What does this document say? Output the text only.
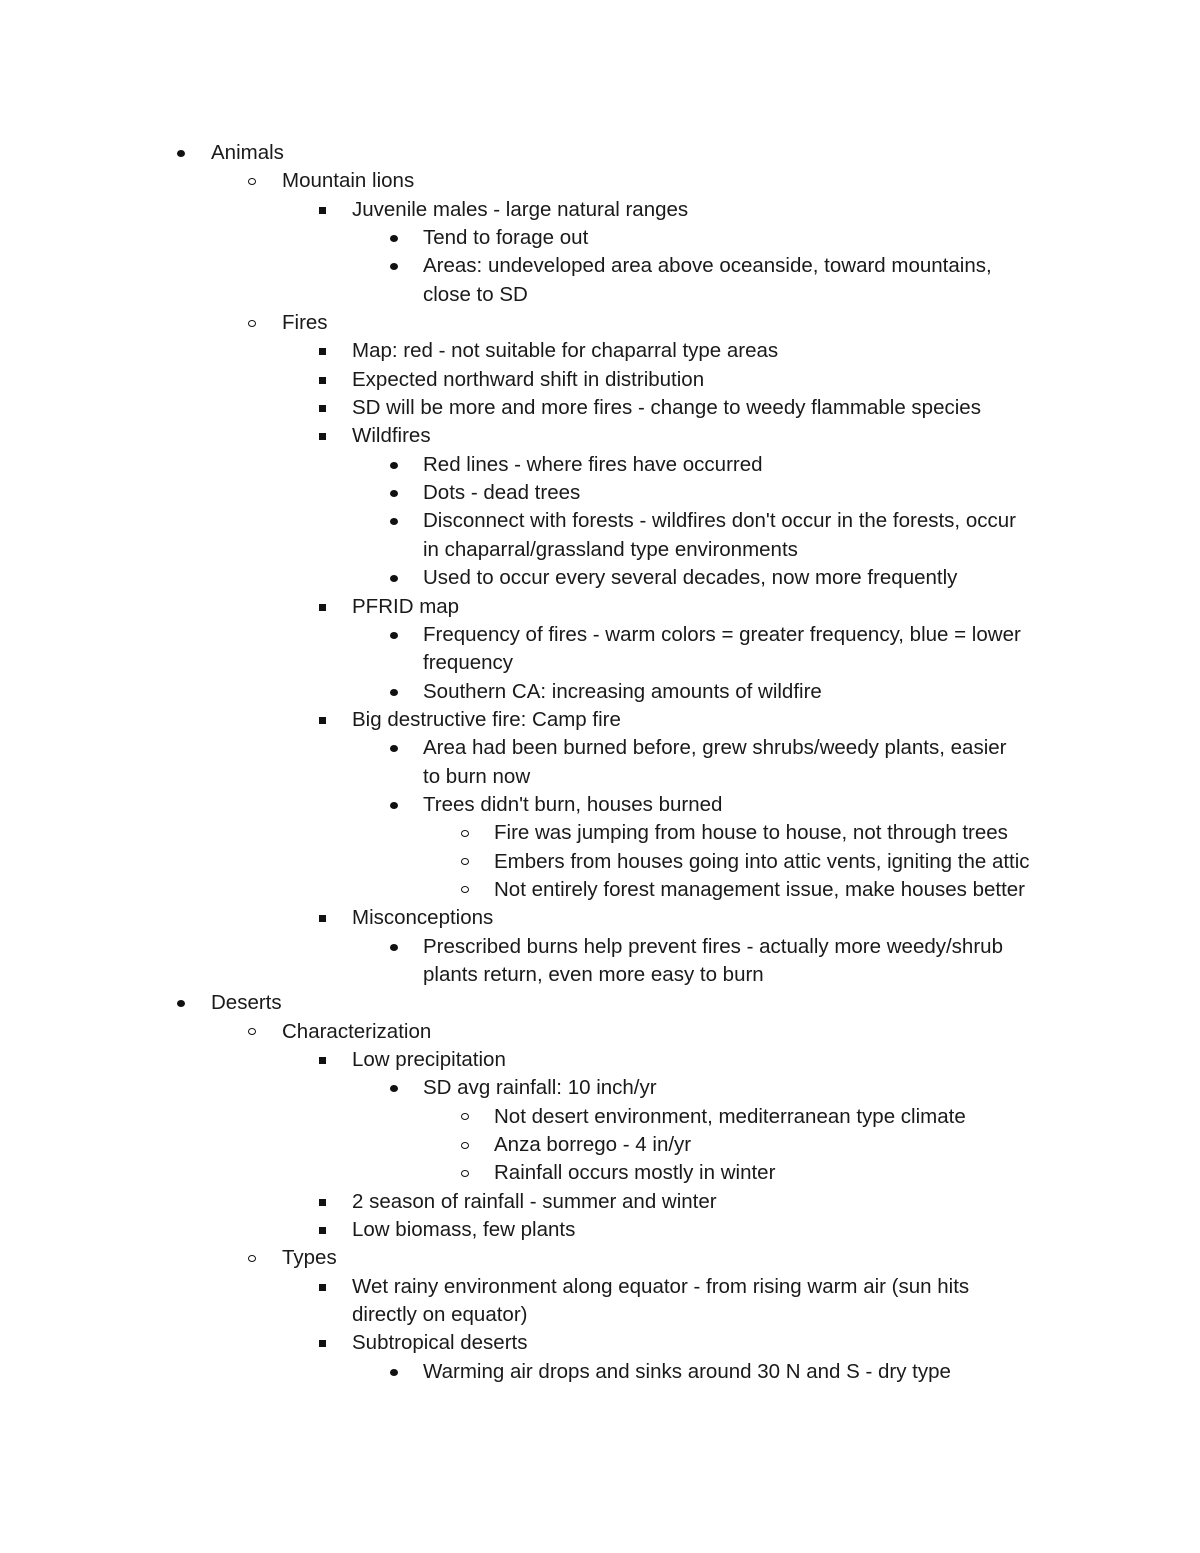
Animals
Mountain lions
Juvenile males - large natural ranges
Tend to forage out
Areas: undeveloped area above oceanside, toward mountains,
close to SD
Fires
Map: red - not suitable for chaparral type areas
Expected northward shift in distribution
SD will be more and more fires - change to weedy flammable species
Wildfires
Red lines - where fires have occurred
Dots - dead trees
Disconnect with forests - wildfires don't occur in the forests, occur
in chaparral/grassland type environments
Used to occur every several decades, now more frequently
PFRID map
Frequency of fires - warm colors = greater frequency, blue = lower
frequency
Southern CA: increasing amounts of wildfire
Big destructive fire: Camp fire
Area had been burned before, grew shrubs/weedy plants, easier
to burn now
Trees didn't burn, houses burned
Fire was jumping from house to house, not through trees
Embers from houses going into attic vents, igniting the attic
Not entirely forest management issue, make houses better
Misconceptions
Prescribed burns help prevent fires - actually more weedy/shrub
plants return, even more easy to burn
Deserts
Characterization
Low precipitation
SD avg rainfall: 10 inch/yr
Not desert environment, mediterranean type climate
Anza borrego - 4 in/yr
Rainfall occurs mostly in winter
2 season of rainfall - summer and winter
Low biomass, few plants
Types
Wet rainy environment along equator - from rising warm air (sun hits
directly on equator)
Subtropical deserts
Warming air drops and sinks around 30 N and S - dry type
